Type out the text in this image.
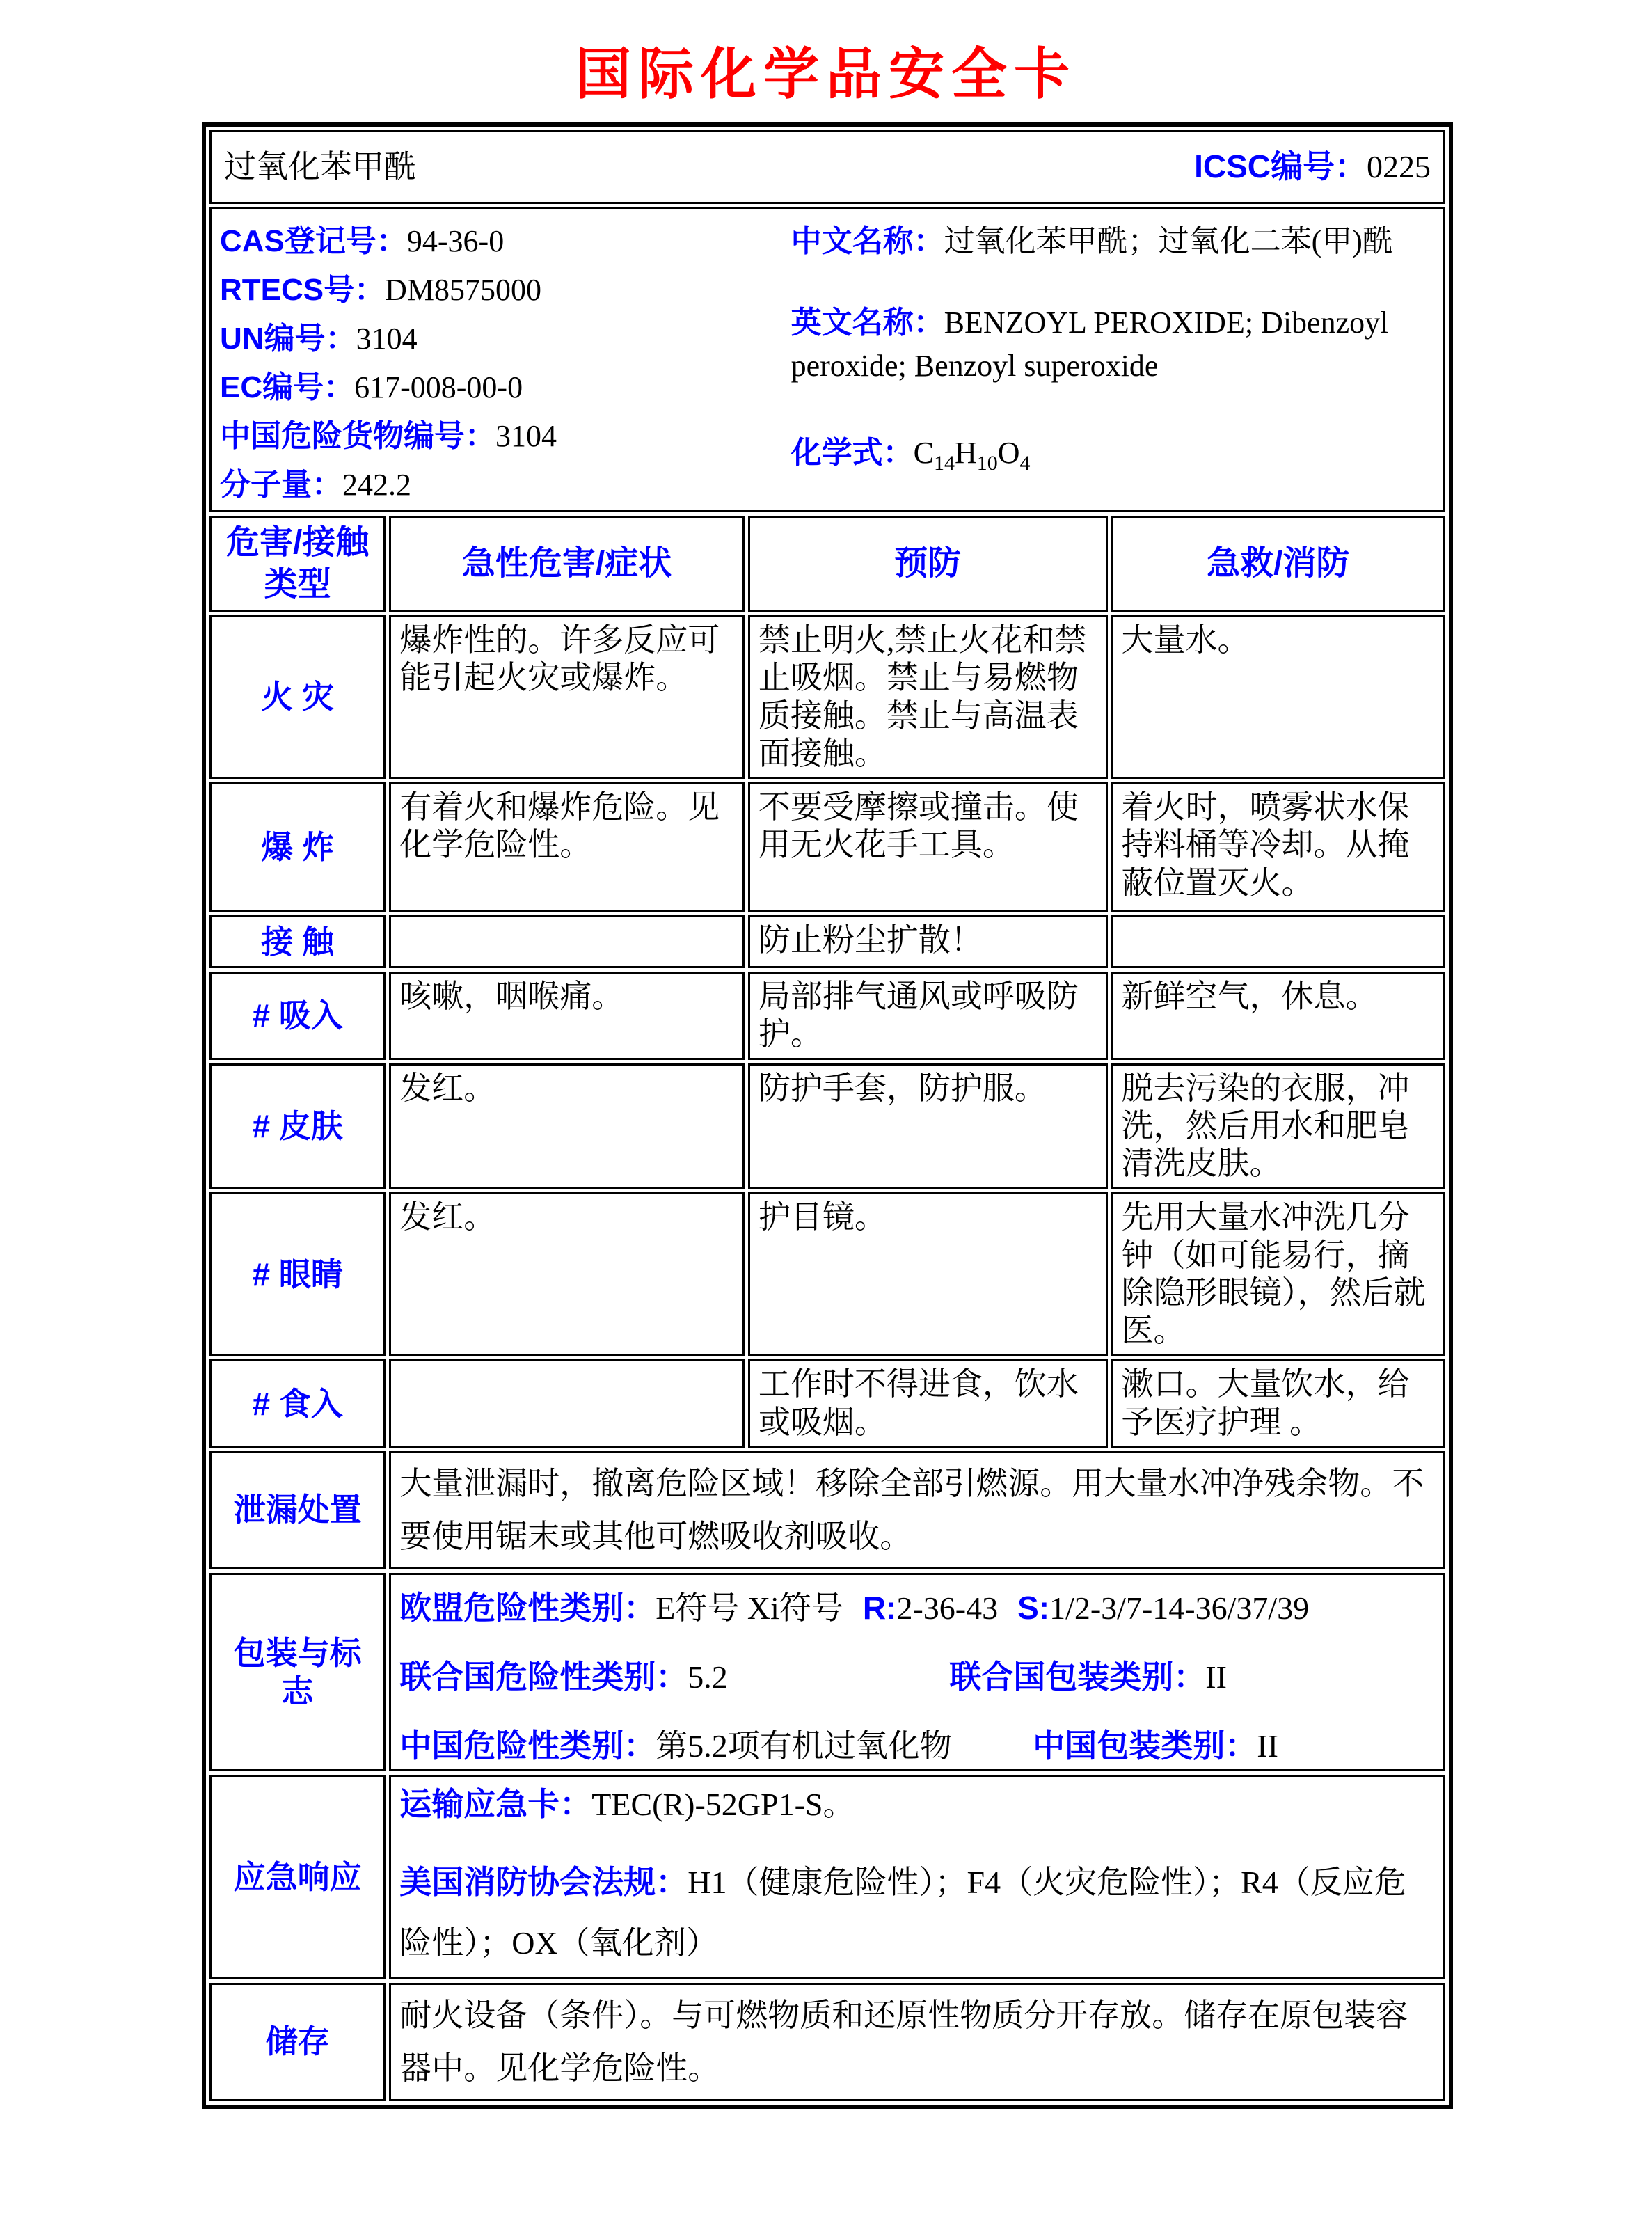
国际化学品安全卡
过氧化苯甲酰 ICSC编号：0225			

CAS登记号：94-36-0
RTECS号：DM8575000
UN编号：3104
EC编号：617-008-00-0
中国危险货物编号：3104
分子量：242.2
中文名称：过氧化苯甲酰；过氧化二苯(甲)酰
英文名称：BENZOYL PEROXIDE; Dibenzoyl peroxide; Benzoyl superoxide
化学式：$C_{14}H_{10}O_4$

危害/接触类型	急性危害/症状	预防	急救/消防
火 灾	爆炸性的。许多反应可能引起火灾或爆炸。	禁止明火,禁止火花和禁止吸烟。禁止与易燃物质接触。禁止与高温表面接触。	大量水。
爆 炸	有着火和爆炸危险。见化学危险性。	不要受摩擦或撞击。使用无火花手工具。	着火时，喷雾状水保持料桶等冷却。从掩蔽位置灭火。
接 触		防止粉尘扩散！	
# 吸入	咳嗽，咽喉痛。	局部排气通风或呼吸防护。	新鲜空气，休息。
# 皮肤	发红。	防护手套，防护服。	脱去污染的衣服，冲洗，然后用水和肥皂清洗皮肤。
# 眼睛	发红。	护目镜。	先用大量水冲洗几分钟（如可能易行，摘除隐形眼镜），然后就医。
# 食入		工作时不得进食，饮水或吸烟。	漱口。大量饮水，给予医疗护理 。
泄漏处置	大量泄漏时，撤离危险区域！移除全部引燃源。用大量水冲净残余物。不要使用锯末或其他可燃吸收剂吸收。		
包装与标志	欧盟危险性类别：E符号 Xi符号 R:2-36-43 S:1/2-3/7-14-36/37/39
联合国危险性类别：5.2 联合国包装类别：II
中国危险性类别：第5.2项有机过氧化物 中国包装类别：II		

应急响应	运输应急卡：TEC(R)-52GP1-S。
美国消防协会法规：H1（健康危险性）；F4（火灾危险性）；R4（反应危险性）；OX（氧化剂）		

储存	耐火设备（条件）。与可燃物质和还原性物质分开存放。储存在原包装容器中。见化学危险性。		
